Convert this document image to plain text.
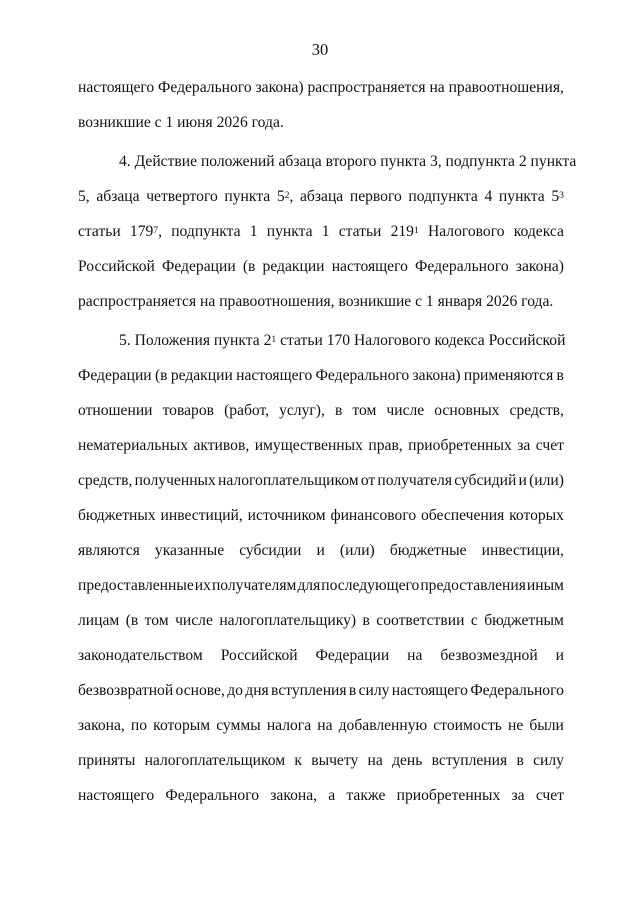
30
настоящего Федерального закона) распространяется на правоотношения,
возникшие с 1 июня 2026 года.
4. Действие положений абзаца второго пункта 3, подпункта 2 пункта
5, абзаца четвертого пункта $5^2$, абзаца первого подпункта 4 пункта $5^3$
статьи $179^7$, подпункта 1 пункта 1 статьи $219^1$ Налогового кодекса
Российской Федерации (в редакции настоящего Федерального закона)
распространяется на правоотношения, возникшие с 1 января 2026 года.
5. Положения пункта $2^1$ статьи 170 Налогового кодекса Российской
Федерации (в редакции настоящего Федерального закона) применяются в
отношении товаров (работ, услуг), в том числе основных средств,
нематериальных активов, имущественных прав, приобретенных за счет
средств, полученных налогоплательщиком от получателя субсидий и (или)
бюджетных инвестиций, источником финансового обеспечения которых
являются указанные субсидии и (или) бюджетные инвестиции,
предоставленные их получателям для последующего предоставления иным
лицам (в том числе налогоплательщику) в соответствии с бюджетным
законодательством Российской Федерации на безвозмездной и
безвозвратной основе, до дня вступления в силу настоящего Федерального
закона, по которым суммы налога на добавленную стоимость не были
приняты налогоплательщиком к вычету на день вступления в силу
настоящего Федерального закона, а также приобретенных за счет
